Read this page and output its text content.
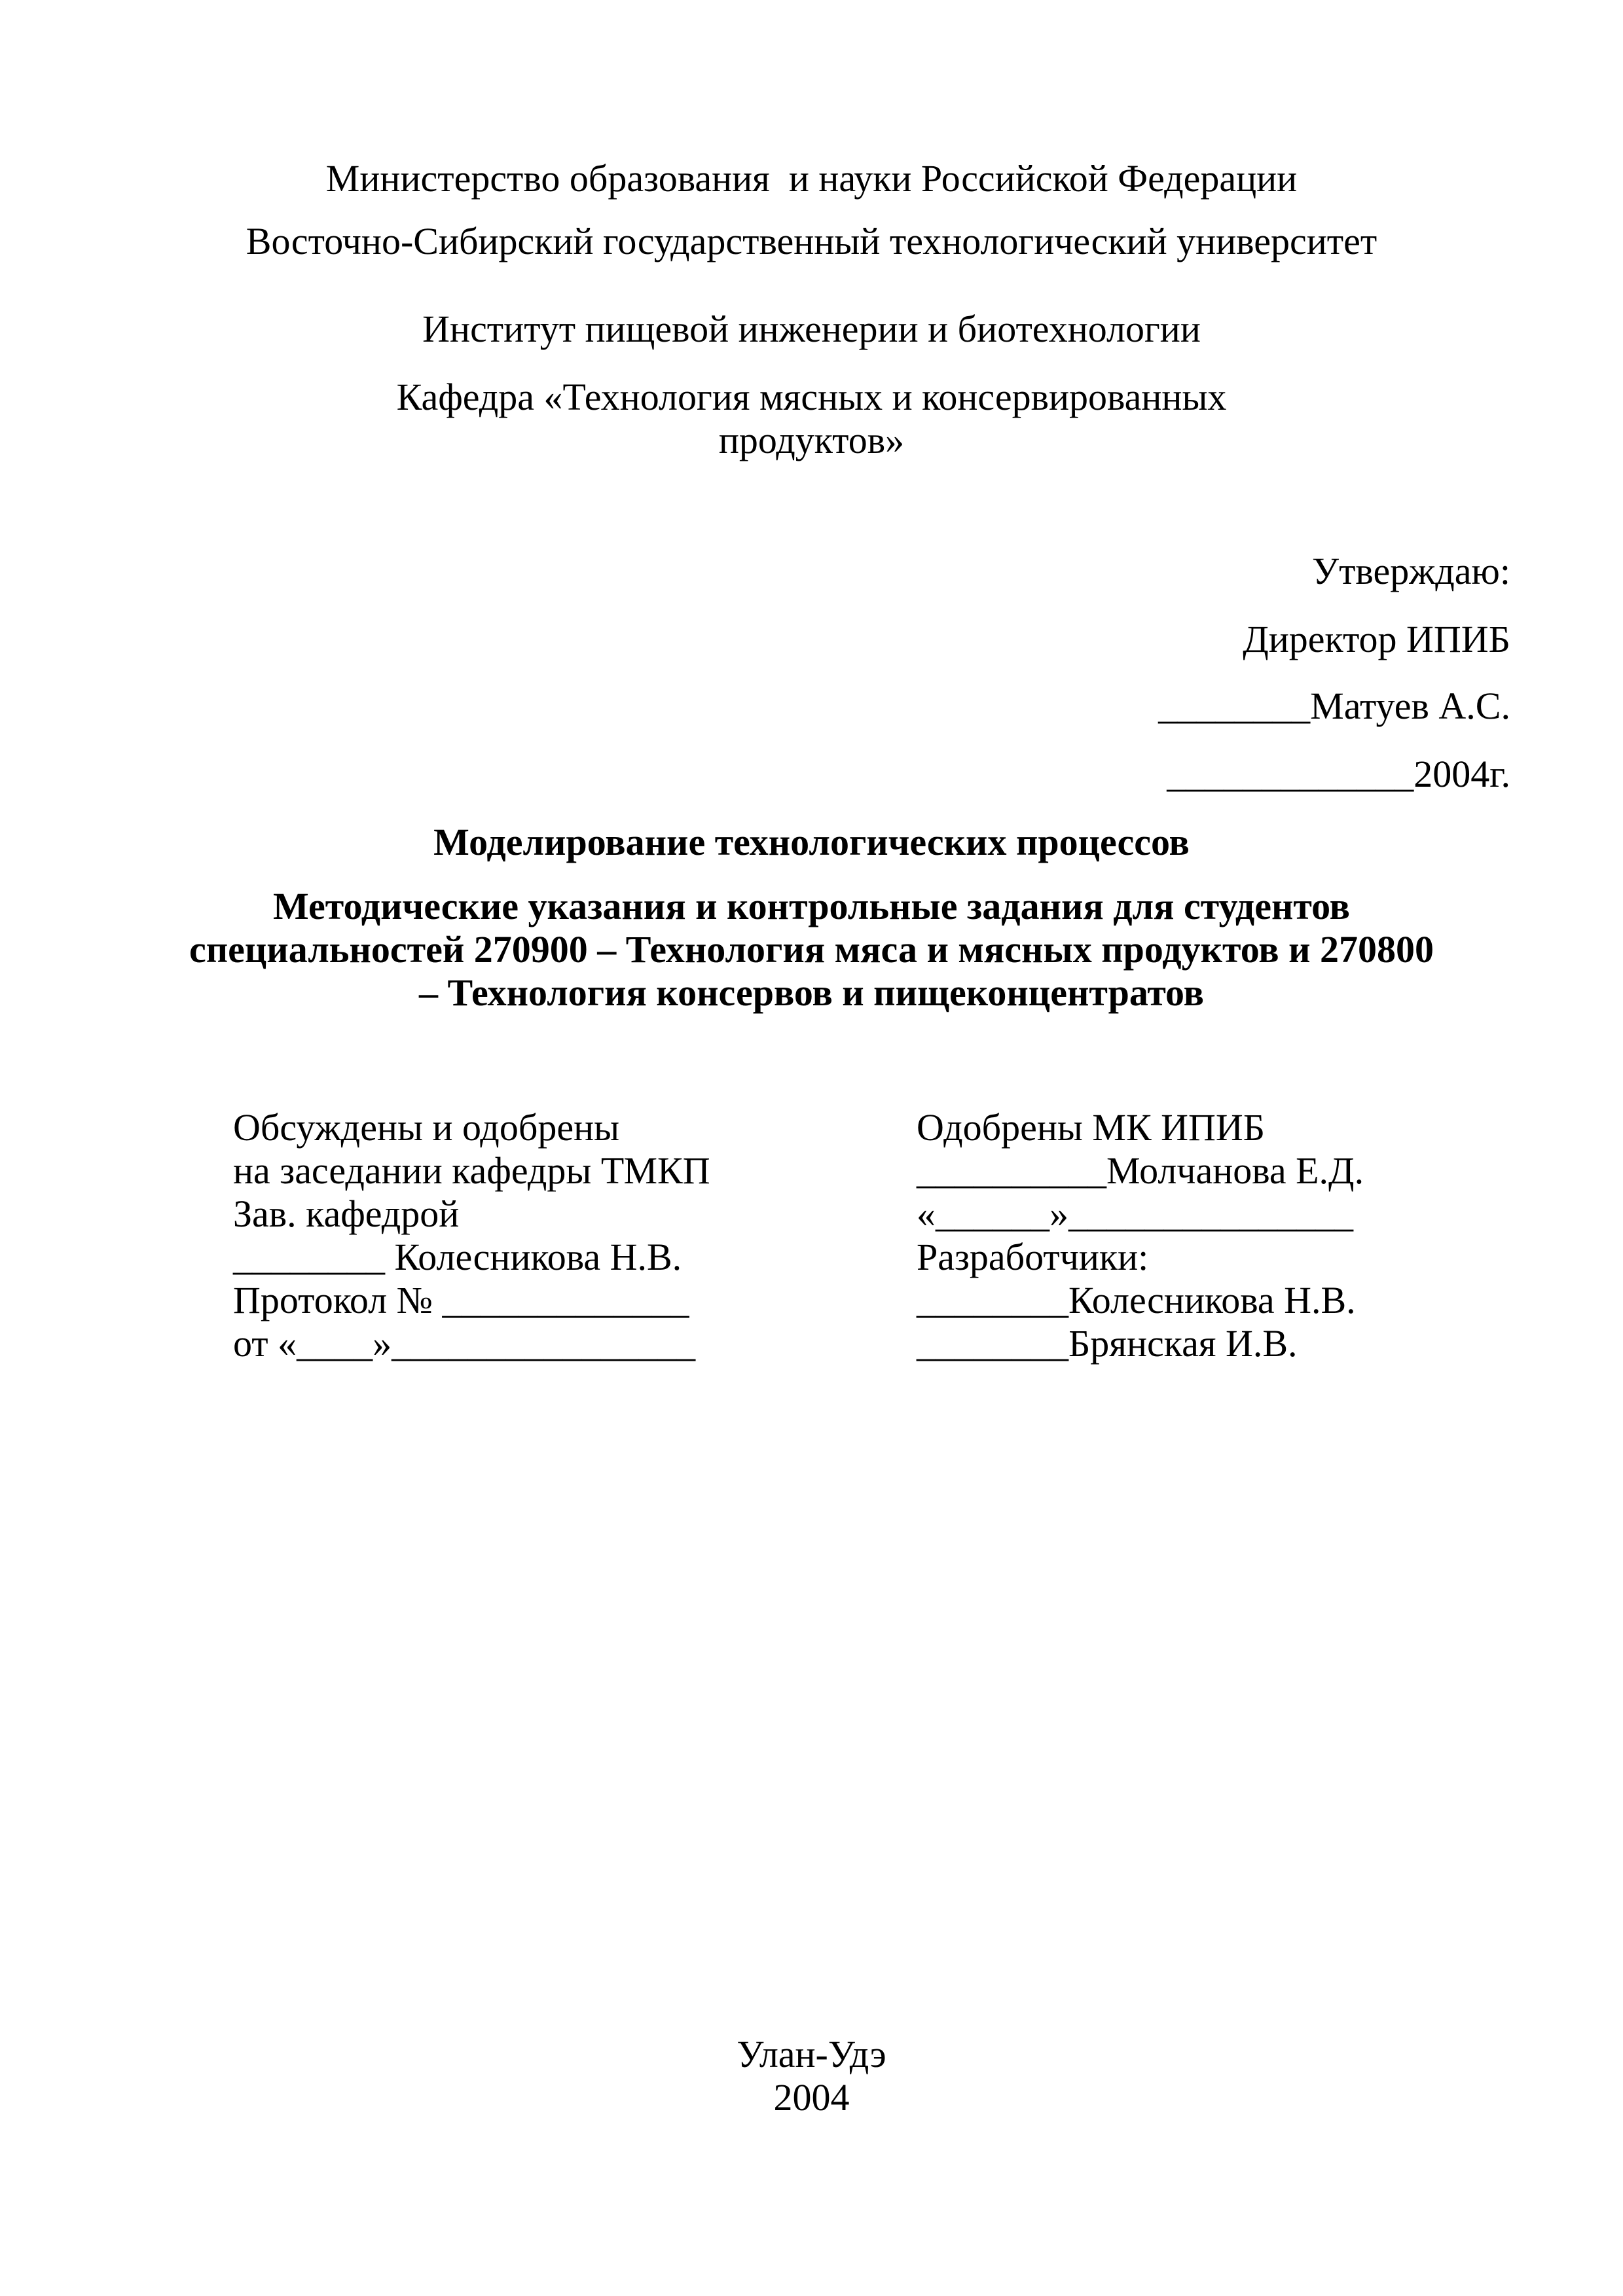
Министерство образования  и науки Российской Федерации
Восточно-Сибирский государственный технологический университет
Институт пищевой инженерии и биотехнологии
Кафедра «Технология мясных и консервированных
продуктов»
Утверждаю:
Директор ИПИБ
________Матуев А.С.
_____________2004г.
Моделирование технологических процессов
Методические указания и контрольные задания для студентов
специальностей 270900 – Технология мяса и мясных продуктов и 270800
– Технология консервов и пищеконцентратов
Обсуждены и одобрены
на заседании кафедры ТМКП
Зав. кафедрой
________ Колесникова Н.В.
Протокол № _____________
от «____»________________
Одобрены МК ИПИБ
__________Молчанова Е.Д.
«______»_______________
Разработчики:
________Колесникова Н.В.
________Брянская И.В.
Улан-Удэ
2004
